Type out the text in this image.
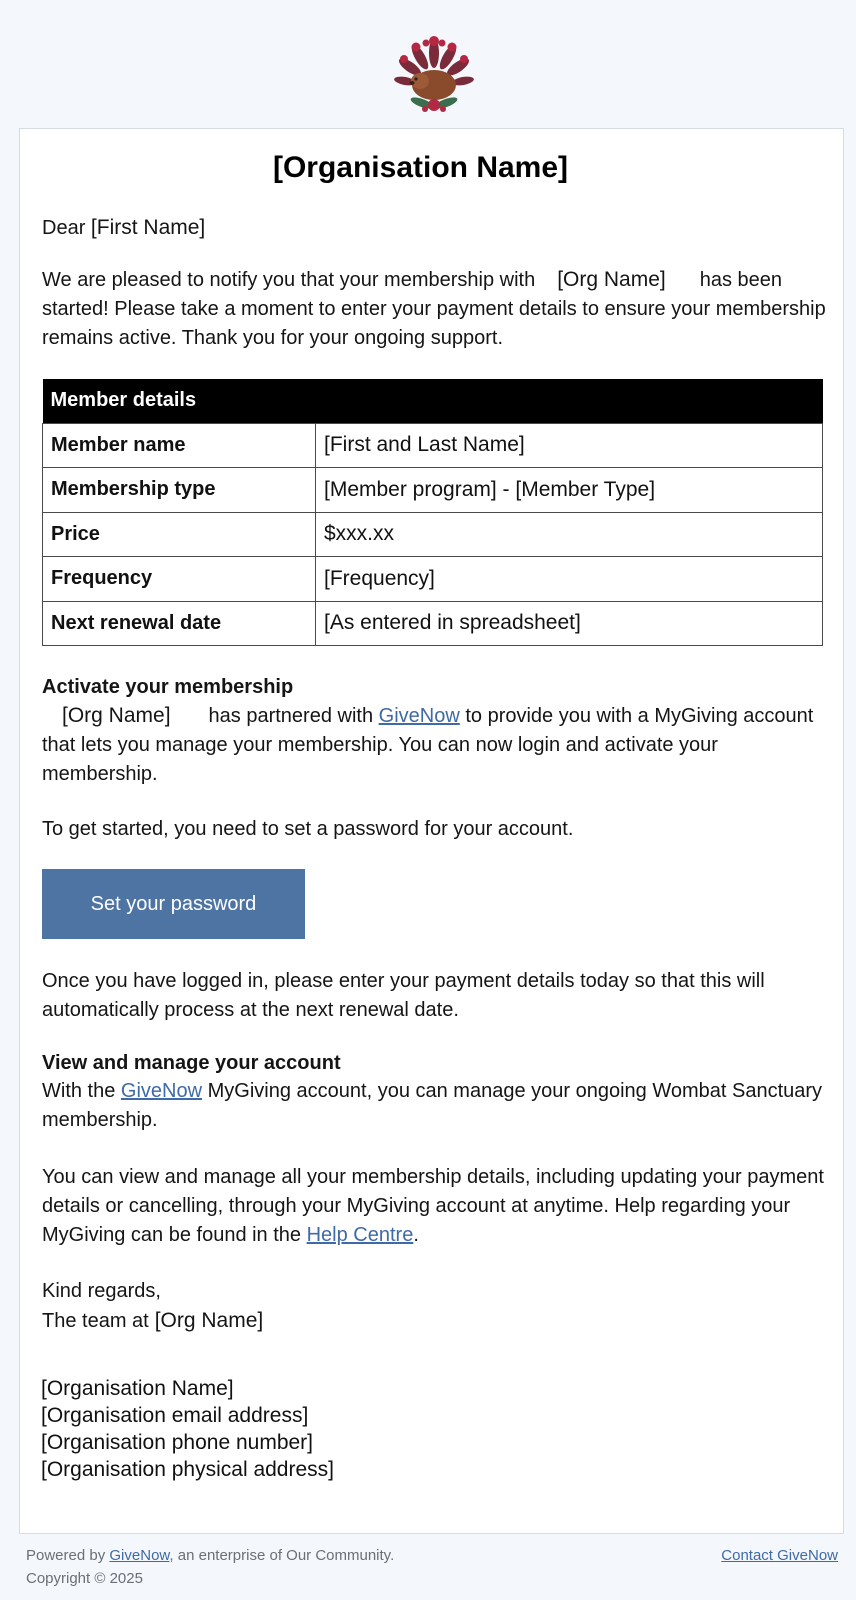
[Organisation Name]
Dear [First Name]
We are pleased to notify you that your membership with [Org Name] has been started! Please take a moment to enter your payment details to ensure your membership remains active. Thank you for your ongoing support.
Member details	
Member name	[First and Last Name]
Membership type	[Member program] - [Member Type]
Price	$xxx.xx
Frequency	[Frequency]
Next renewal date	[As entered in spreadsheet]
Activate your membership
[Org Name] has partnered with GiveNow to provide you with a MyGiving account that lets you manage your membership. You can now login and activate your membership.
To get started, you need to set a password for your account.
Set your password
Once you have logged in, please enter your payment details today so that this will automatically process at the next renewal date.
View and manage your account
With the GiveNow MyGiving account, you can manage your ongoing Wombat Sanctuary membership.
You can view and manage all your membership details, including updating your payment details or cancelling, through your MyGiving account at anytime. Help regarding your MyGiving can be found in the Help Centre.
Kind regards,
The team at [Org Name]
[Organisation Name]
[Organisation email address]
[Organisation phone number]
[Organisation physical address]
Powered by GiveNow, an enterprise of Our Community.
Copyright © 2025
Contact GiveNow
